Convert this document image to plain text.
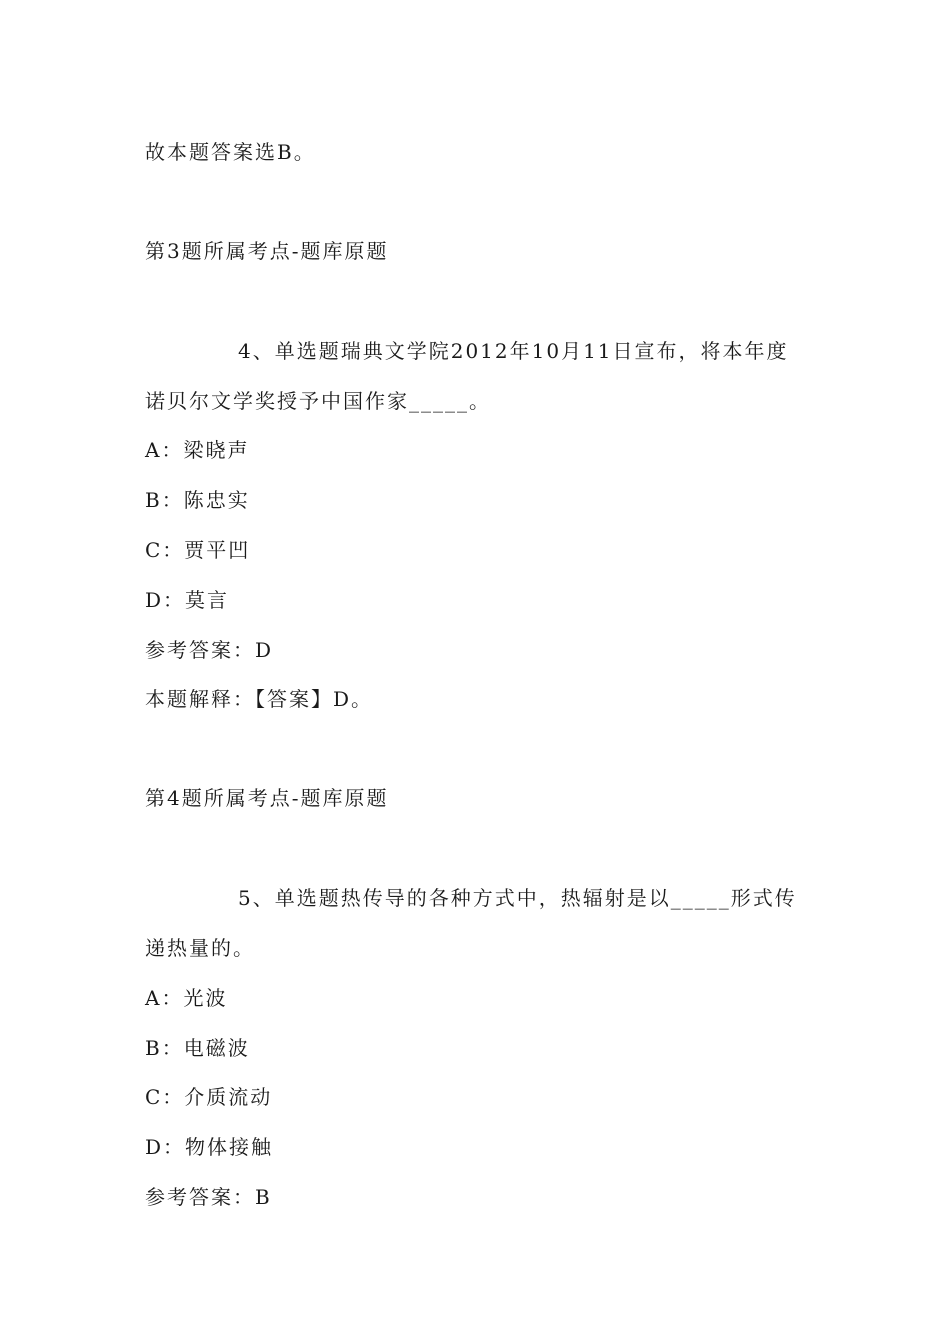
故本题答案选B。
第3题所属考点-题库原题
4、单选题瑞典文学院2012年10月11日宣布，将本年度
诺贝尔文学奖授予中国作家_____。
A：梁晓声
B：陈忠实
C：贾平凹
D：莫言
参考答案：D
本题解释：【答案】D。
第4题所属考点-题库原题
5、单选题热传导的各种方式中，热辐射是以_____形式传
递热量的。
A：光波
B：电磁波
C：介质流动
D：物体接触
参考答案：B
